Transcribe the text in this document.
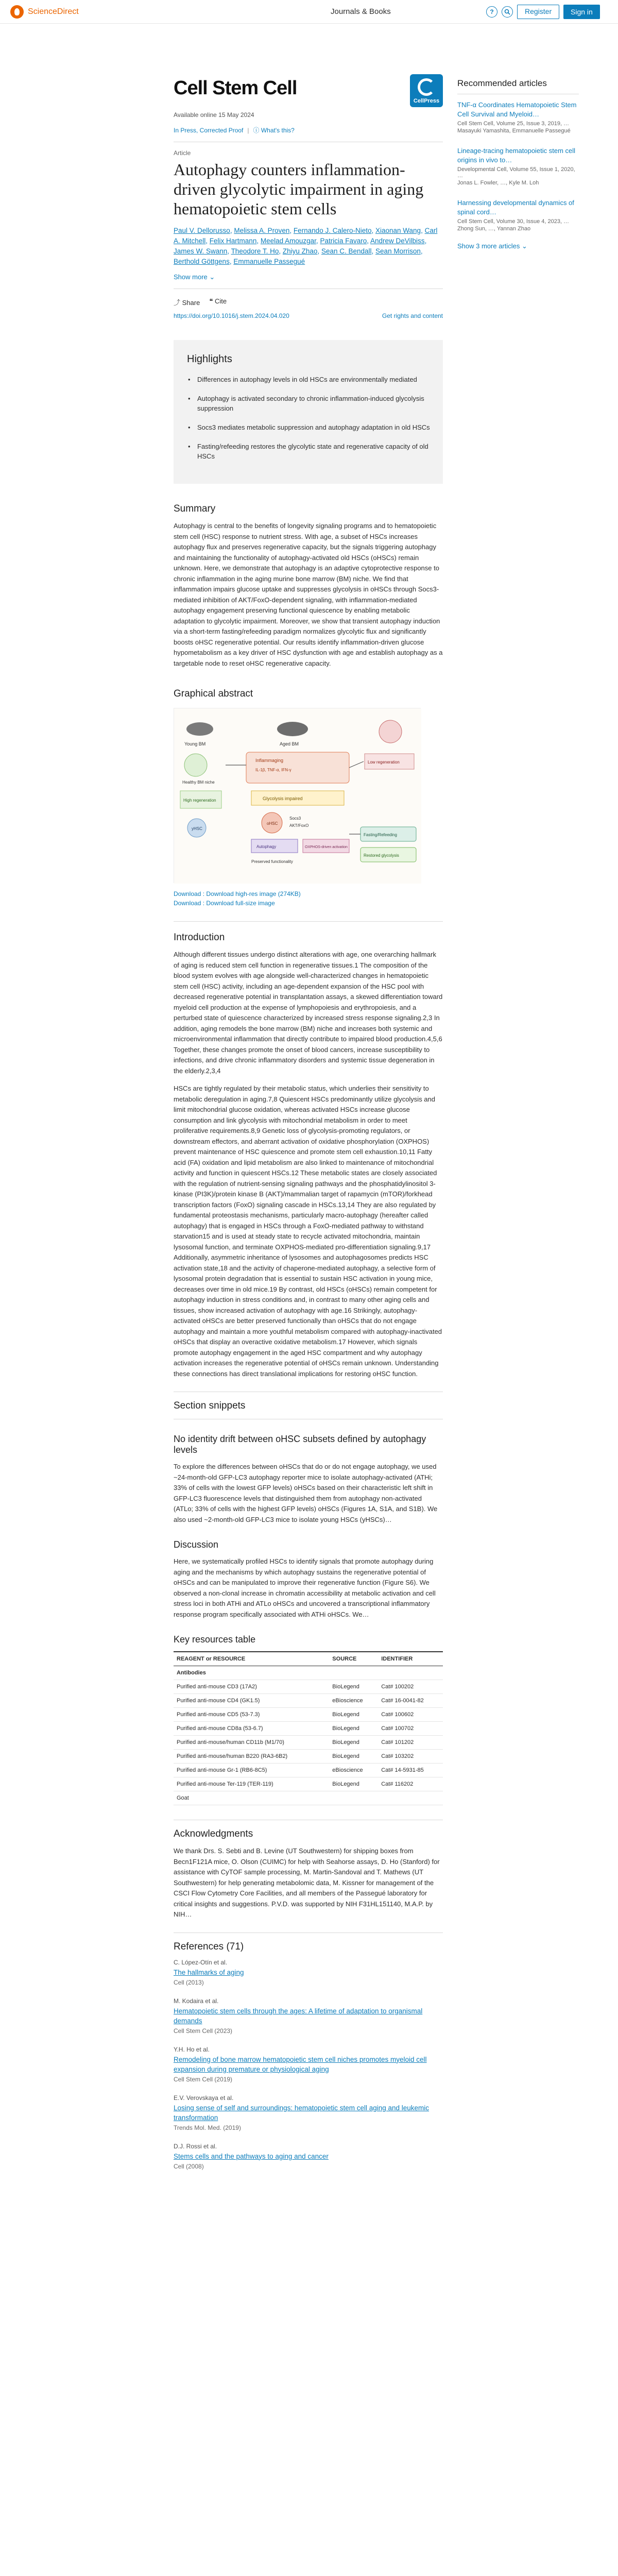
ScienceDirect	Journals & Books	?	Register	Sign in
Cell Stem Cell
CellPress
Available online 15 May 2024
In Press, Corrected Proof | ⓘ What's this?
Article
Autophagy counters inflammation-driven glycolytic impairment in aging hematopoietic stem cells
Paul V. Dellorusso, Melissa A. Proven, Fernando J. Calero-Nieto, Xiaonan Wang, Carl A. Mitchell, Felix Hartmann, Meelad Amouzgar, Patricia Favaro, Andrew DeVilbiss, James W. Swann, Theodore T. Ho, Zhiyu Zhao, Sean C. Bendall, Sean Morrison, Berthold Göttgens, Emmanuelle Passegué
Show more ⌄
⤴ Share ❝ Cite
https://doi.org/10.1016/j.stem.2024.04.020	Get rights and content
Highlights
• Differences in autophagy levels in old HSCs are environmentally mediated
• Autophagy is activated secondary to chronic inflammation-induced glycolysis suppression
• Socs3 mediates metabolic suppression and autophagy adaptation in old HSCs
• Fasting/refeeding restores the glycolytic state and regenerative capacity of old HSCs
Summary

Autophagy is central to the benefits of longevity signaling programs and to hematopoietic stem cell (HSC) response to nutrient stress. With age, a subset of HSCs increases autophagy flux and preserves regenerative capacity, but the signals triggering autophagy and maintaining the functionality of autophagy-activated old HSCs (oHSCs) remain unknown. Here, we demonstrate that autophagy is an adaptive cytoprotective response to chronic inflammation in the aging murine bone marrow (BM) niche. We find that inflammation impairs glucose uptake and suppresses glycolysis in oHSCs through Socs3-mediated inhibition of AKT/FoxO-dependent signaling, with inflammation-mediated autophagy engagement preserving functional quiescence by enabling metabolic adaptation to glycolytic impairment. Moreover, we show that transient autophagy induction via a short-term fasting/refeeding paradigm normalizes glycolytic flux and significantly boosts oHSC regenerative potential. Our results identify inflammation-driven glucose hypometabolism as a key driver of HSC dysfunction with age and establish autophagy as a targetable node to reset oHSC regenerative capacity.

Graphical abstract
Young BM
Healthy BM niche
High regeneration
yHSC
Aged BM
Inflammaging
IL-1β, TNF-α, IFN-γ
Glycolysis impaired
oHSC
Socs3
AKT/FoxO
Autophagy	OXPHOS-driven activation
Preserved functionality
Low regeneration
Fasting/Refeeding
Restored glycolysis
Download : Download high-res image (274KB)
Download : Download full-size image
Introduction

Although different tissues undergo distinct alterations with age, one overarching hallmark of aging is reduced stem cell function in regenerative tissues.1 The composition of the blood system evolves with age alongside well-characterized changes in hematopoietic stem cell (HSC) activity, including an age-dependent expansion of the HSC pool with decreased regenerative potential in transplantation assays, a skewed differentiation toward myeloid cell production at the expense of lymphopoiesis and erythropoiesis, and a perturbed state of quiescence characterized by increased stress response signaling.2,3 In addition, aging remodels the bone marrow (BM) niche and increases both systemic and microenvironmental inflammation that directly contribute to impaired blood production.4,5,6 Together, these changes promote the onset of blood cancers, increase susceptibility to infections, and drive chronic inflammatory disorders and systemic tissue degeneration in the elderly.2,3,4

HSCs are tightly regulated by their metabolic status, which underlies their sensitivity to metabolic deregulation in aging.7,8 Quiescent HSCs predominantly utilize glycolysis and limit mitochondrial glucose oxidation, whereas activated HSCs increase glucose consumption and link glycolysis with mitochondrial metabolism in order to meet proliferative requirements.8,9 Genetic loss of glycolysis-promoting regulators, or downstream effectors, and aberrant activation of oxidative phosphorylation (OXPHOS) prevent maintenance of HSC quiescence and promote stem cell exhaustion.10,11 Fatty acid (FA) oxidation and lipid metabolism are also linked to maintenance of mitochondrial activity and function in quiescent HSCs.12 These metabolic states are closely associated with the regulation of nutrient-sensing signaling pathways and the phosphatidylinositol 3-kinase (PI3K)/protein kinase B (AKT)/mammalian target of rapamycin (mTOR)/forkhead transcription factors (FoxO) signaling cascade in HSCs.13,14 They are also regulated by fundamental proteostasis mechanisms, particularly macro-autophagy (hereafter called autophagy) that is engaged in HSCs through a FoxO-mediated pathway to withstand starvation15 and is used at steady state to recycle activated mitochondria, maintain lysosomal function, and terminate OXPHOS-mediated pro-differentiation signaling.9,17 Additionally, asymmetric inheritance of lysosomes and autophagosomes predicts HSC activation state,18 and the activity of chaperone-mediated autophagy, a selective form of lysosomal protein degradation that is essential to sustain HSC activation in young mice, decreases over time in old mice.19 By contrast, old HSCs (oHSCs) remain competent for autophagy induction in stress conditions and, in contrast to many other aging cells and tissues, show increased activation of autophagy with age.16 Strikingly, autophagy-activated oHSCs are better preserved functionally than oHSCs that do not engage autophagy and maintain a more youthful metabolism compared with autophagy-inactivated oHSCs that display an overactive oxidative metabolism.17 However, which signals promote autophagy engagement in the aged HSC compartment and why autophagy activation increases the regenerative potential of oHSCs remain unknown. Understanding these connections has direct translational implications for restoring oHSC function.

Section snippets
No identity drift between oHSC subsets defined by autophagy levels

To explore the differences between oHSCs that do or do not engage autophagy, we used ~24-month-old GFP-LC3 autophagy reporter mice to isolate autophagy-activated (ATHi; 33% of cells with the lowest GFP levels) oHSCs based on their characteristic left shift in GFP-LC3 fluorescence levels that distinguished them from autophagy non-activated (ATLo; 33% of cells with the highest GFP levels) oHSCs (Figures 1A, S1A, and S1B). We also used ~2-month-old GFP-LC3 mice to isolate young HSCs (yHSCs)…

Discussion

Here, we systematically profiled HSCs to identify signals that promote autophagy during aging and the mechanisms by which autophagy sustains the regenerative potential of oHSCs and can be manipulated to improve their regenerative function (Figure S6). We observed a non-clonal increase in chromatin accessibility at metabolic activation and cell stress loci in both ATHi and ATLo oHSCs and uncovered a transcriptional inflammatory response program specifically associated with ATHi oHSCs. We…

Key resources table
REAGENT or RESOURCE	SOURCE	IDENTIFIER
Antibodies		
Purified anti-mouse CD3 (17A2)	BioLegend	Cat# 100202
Purified anti-mouse CD4 (GK1.5)	eBioscience	Cat# 16-0041-82
Purified anti-mouse CD5 (53-7.3)	BioLegend	Cat# 100602
Purified anti-mouse CD8a (53-6.7)	BioLegend	Cat# 100702
Purified anti-mouse/human CD11b (M1/70)	BioLegend	Cat# 101202
Purified anti-mouse/human B220 (RA3-6B2)	BioLegend	Cat# 103202
Purified anti-mouse Gr-1 (RB6-8C5)	eBioscience	Cat# 14-5931-85
Purified anti-mouse Ter-119 (TER-119)	BioLegend	Cat# 116202
Goat		
Acknowledgments

We thank Drs. S. Sebti and B. Levine (UT Southwestern) for shipping boxes from Becn1F121A mice, O. Olson (CUIMC) for help with Seahorse assays, D. Ho (Stanford) for assistance with CyTOF sample processing, M. Martin-Sandoval and T. Mathews (UT Southwestern) for help generating metabolomic data, M. Kissner for management of the CSCI Flow Cytometry Core Facilities, and all members of the Passegué laboratory for critical insights and suggestions. P.V.D. was supported by NIH F31HL151140, M.A.P. by NIH…

References (71)
C. López-Otín et al.
The hallmarks of aging
Cell (2013)
M. Kodaira et al.
Hematopoietic stem cells through the ages: A lifetime of adaptation to organismal demands
Cell Stem Cell (2023)
Y.H. Ho et al.
Remodeling of bone marrow hematopoietic stem cell niches promotes myeloid cell expansion during premature or physiological aging
Cell Stem Cell (2019)
E.V. Verovskaya et al.
Losing sense of self and surroundings: hematopoietic stem cell aging and leukemic transformation
Trends Mol. Med. (2019)
D.J. Rossi et al.
Stems cells and the pathways to aging and cancer
Cell (2008)
Recommended articles
TNF-α Coordinates Hematopoietic Stem Cell Survival and Myeloid…
Cell Stem Cell, Volume 25, Issue 3, 2019, …
Masayuki Yamashita, Emmanuelle Passegué
Lineage-tracing hematopoietic stem cell origins in vivo to…
Developmental Cell, Volume 55, Issue 1, 2020, …
Jonas L. Fowler, …, Kyle M. Loh
Harnessing developmental dynamics of spinal cord…
Cell Stem Cell, Volume 30, Issue 4, 2023, …
Zhong Sun, …, Yannan Zhao
Show 3 more articles ⌄
